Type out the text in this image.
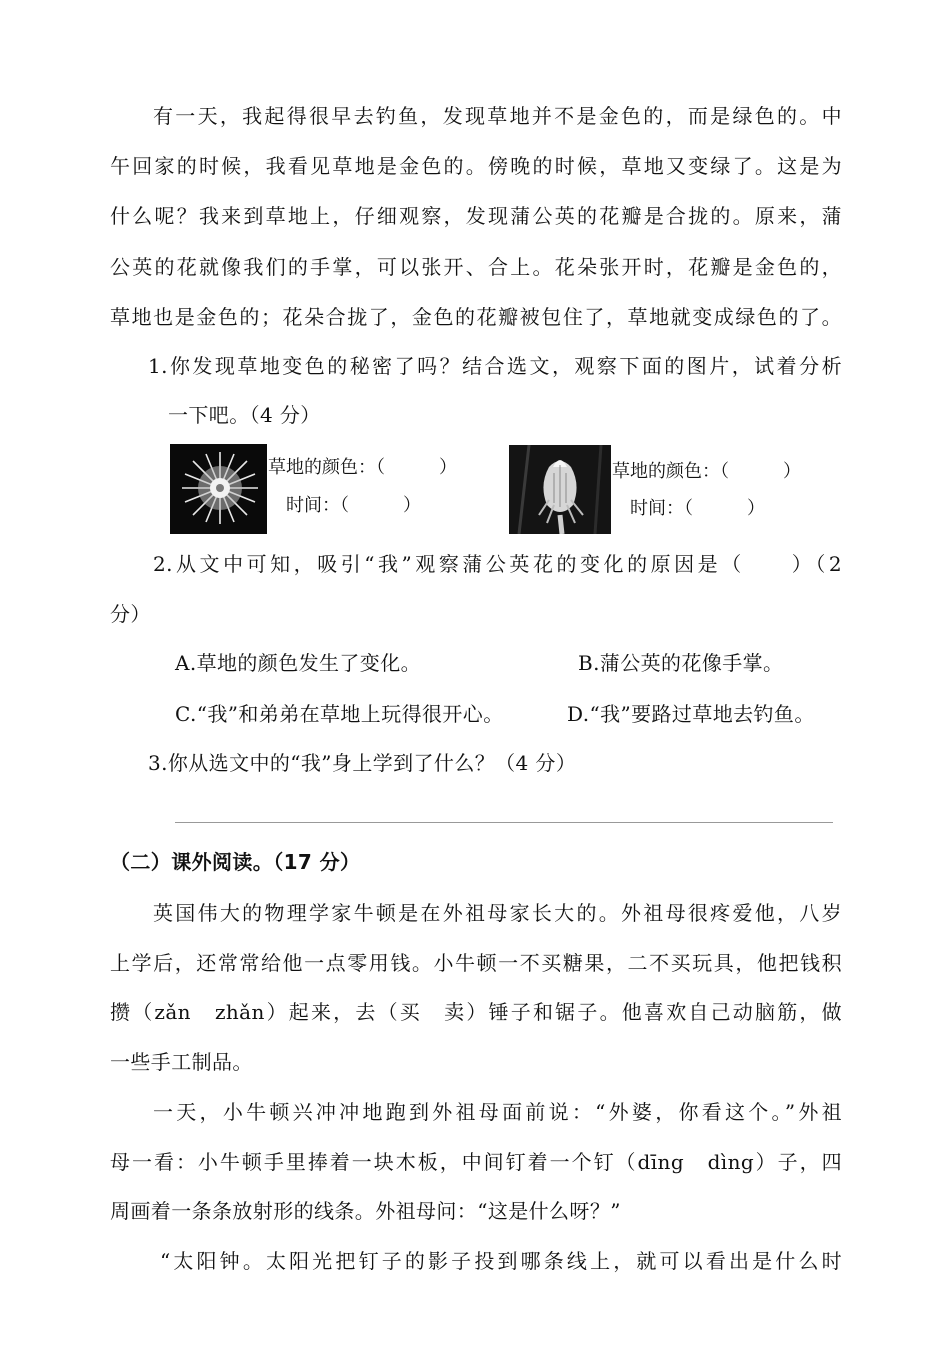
有一天，我起得很早去钓鱼，发现草地并不是金色的，而是绿色的。中
午回家的时候，我看见草地是金色的。傍晚的时候，草地又变绿了。这是为
什么呢？我来到草地上，仔细观察，发现蒲公英的花瓣是合拢的。原来，蒲
公英的花就像我们的手掌，可以张开、合上。花朵张开时，花瓣是金色的，
草地也是金色的；花朵合拢了，金色的花瓣被包住了，草地就变成绿色的了。
1.你发现草地变色的秘密了吗？结合选文，观察下面的图片，试着分析
一下吧。（4 分）
草地的颜色：（　　　）
时间：（　　　）
草地的颜色：（　　　）
时间：（　　　）
2.从文中可知，吸引“我”观察蒲公英花的变化的原因是（　　）（2
分）
A.草地的颜色发生了变化。	B.蒲公英的花像手掌。
C.“我”和弟弟在草地上玩得很开心。	D.“我”要路过草地去钓鱼。
3.你从选文中的“我”身上学到了什么？（4 分）
（二）课外阅读。（17 分）
英国伟大的物理学家牛顿是在外祖母家长大的。外祖母很疼爱他，八岁
上学后，还常常给他一点零用钱。小牛顿一不买糖果，二不买玩具，他把钱积
攒（zǎn　zhǎn）起来，去（买　卖）锤子和锯子。他喜欢自己动脑筋，做
一些手工制品。
一天，小牛顿兴冲冲地跑到外祖母面前说：“外婆，你看这个。”外祖
母一看：小牛顿手里捧着一块木板，中间钉着一个钉（dīng　dìng）子，四
周画着一条条放射形的线条。外祖母问：“这是什么呀？”
“太阳钟。太阳光把钉子的影子投到哪条线上，就可以看出是什么时
